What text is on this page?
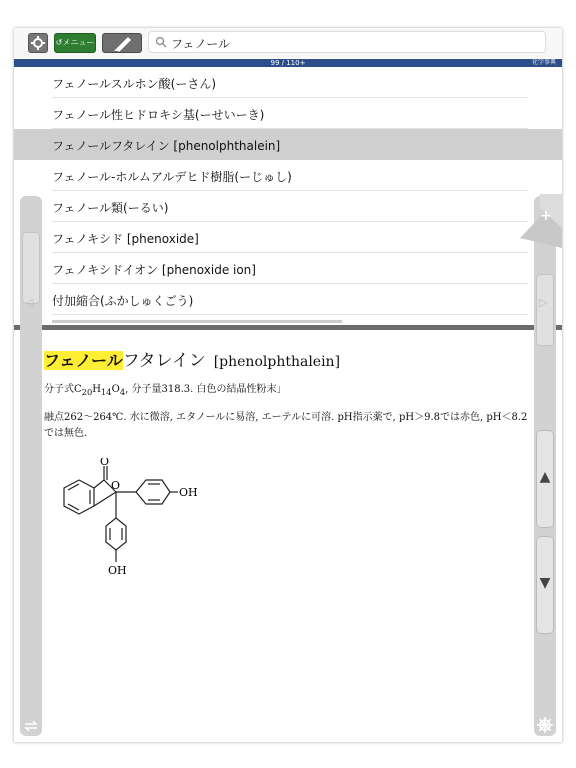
↺メニュー	フェノール
99 / 110+	化学事典
フェノールスルホン酸(ーさん)
フェノール性ヒドロキシ基(ーせいーき)
フェノールフタレイン [phenolphthalein]
フェノール-ホルムアルデヒド樹脂(ーじゅし)
フェノール類(ーるい)
フェノキシド [phenoxide]
フェノキシドイオン [phenoxide ion]
付加縮合(ふかしゅくごう)
◁	▷
+
▲
▼
フェノールフタレイン [phenolphthalein]
分子式$C_{20}H_{14}O_4$, 分子量318.3. 白色の結晶性粉末」
融点262～264℃. 水に微溶, エタノールに易溶, エーテルに可溶. pH指示薬で, pH＞9.8では赤色, pH＜8.2では無色.
O
O
OH
OH
